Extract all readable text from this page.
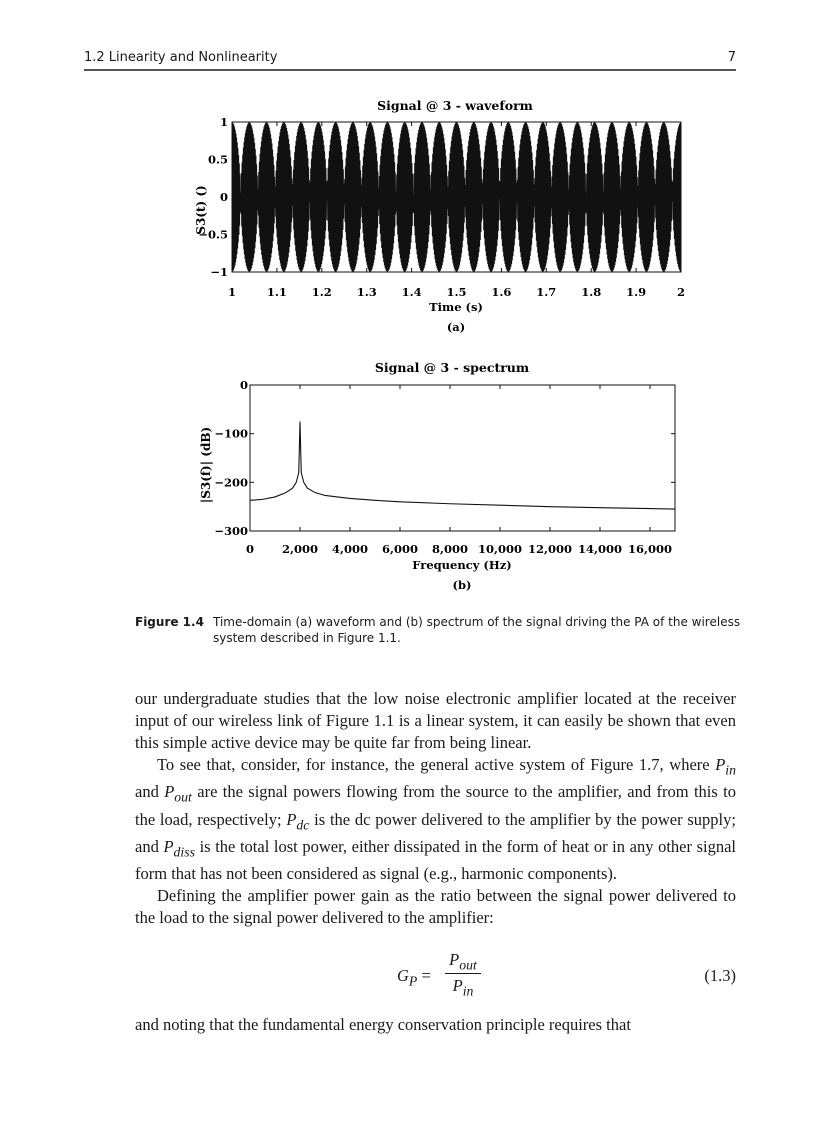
1.2 Linearity and Nonlinearity	7
Signal @ 3 - waveform
1	1.1 1.2 1.3 1.4 1.5 1.6 1.7 1.8 1.9	2
1
0.5
0
−0.5
−1
S3(t) ()
Time (s)
(a)
Signal @ 3 - spectrum
0 2,000 4,000 6,000 8,000 10,000 12,000 14,000 16,000
0
−100
−200
−300
|S3(f)| (dB)
Frequency (Hz)
(b)
Figure 1.4 Time-domain (a) waveform and (b) spectrum of the signal driving the PA of the wireless system described in Figure 1.1.

our undergraduate studies that the low noise electronic amplifier located at the receiver input of our wireless link of Figure 1.1 is a linear system, it can easily be shown that even this simple active device may be quite far from being linear.

To see that, consider, for instance, the general active system of Figure 1.7, where $P_{in}$ and $P_{out}$ are the signal powers flowing from the source to the amplifier, and from this to the load, respectively; $P_{dc}$ is the dc power delivered to the amplifier by the power supply; and $P_{diss}$ is the total lost power, either dissipated in the form of heat or in any other signal form that has not been considered as signal (e.g., harmonic components).

Defining the amplifier power gain as the ratio between the signal power delivered to the load to the signal power delivered to the amplifier:

$G_P$ =
$P_{out}$
$P_{in}$
(1.3)
and noting that the fundamental energy conservation principle requires that
